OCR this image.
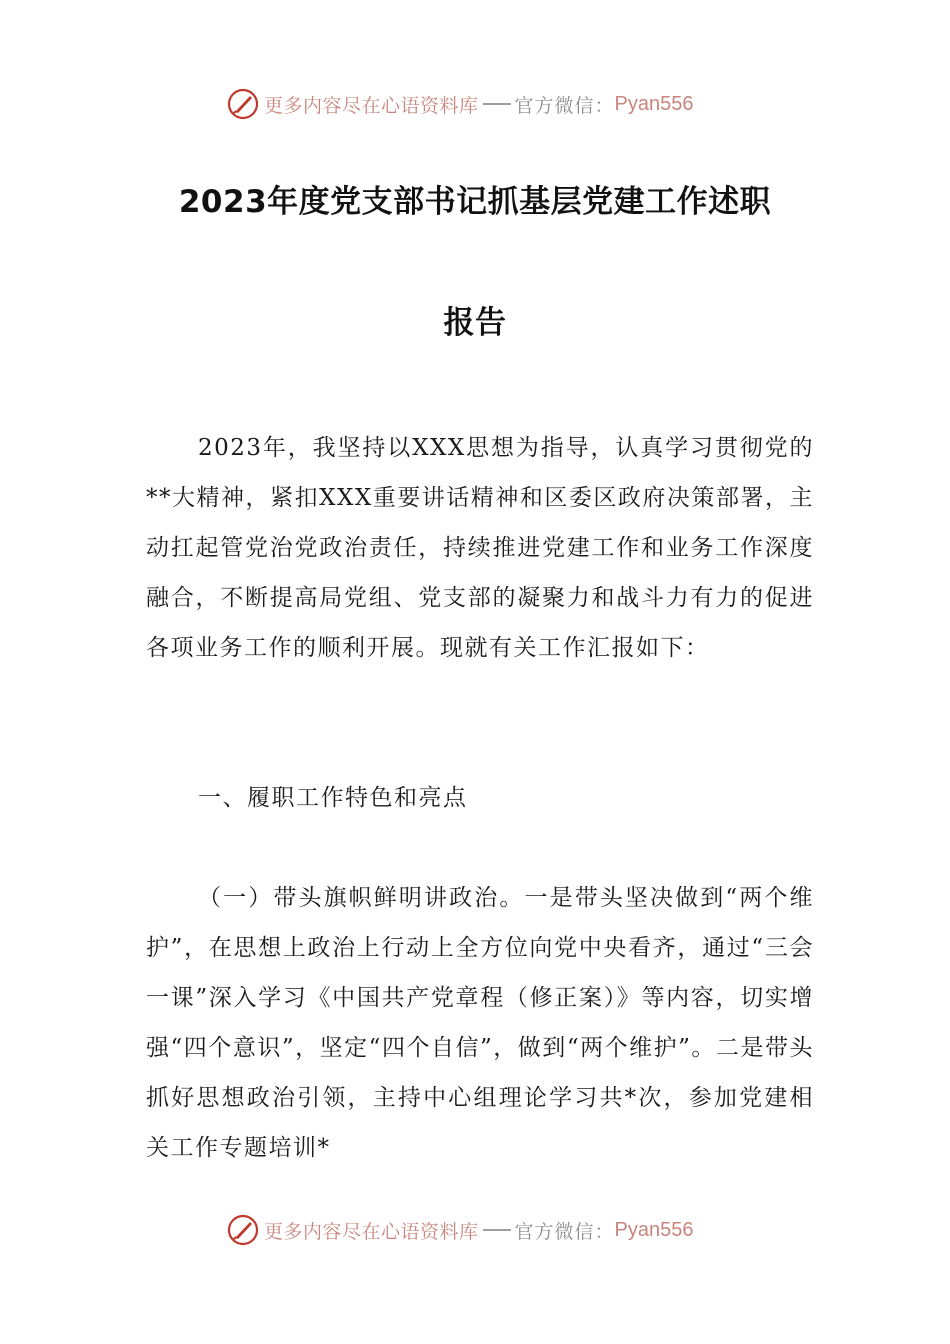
更多内容尽在心语资料库 官方微信： Pyan556
2023年度党支部书记抓基层党建工作述职
报告

2023年，我坚持以XXX思想为指导，认真学习贯彻党的**大精神，紧扣XXX重要讲话精神和区委区政府决策部署，主动扛起管党治党政治责任，持续推进党建工作和业务工作深度融合，不断提高局党组、党支部的凝聚力和战斗力有力的促进各项业务工作的顺利开展。现就有关工作汇报如下：

一、履职工作特色和亮点

（一）带头旗帜鲜明讲政治。一是带头坚决做到“两个维护”，在思想上政治上行动上全方位向党中央看齐，通过“三会一课”深入学习《中国共产党章程（修正案）》等内容，切实增强“四个意识”，坚定“四个自信”，做到“两个维护”。二是带头抓好思想政治引领，主持中心组理论学习共*次，参加党建相关工作专题培训*

更多内容尽在心语资料库 官方微信： Pyan556
